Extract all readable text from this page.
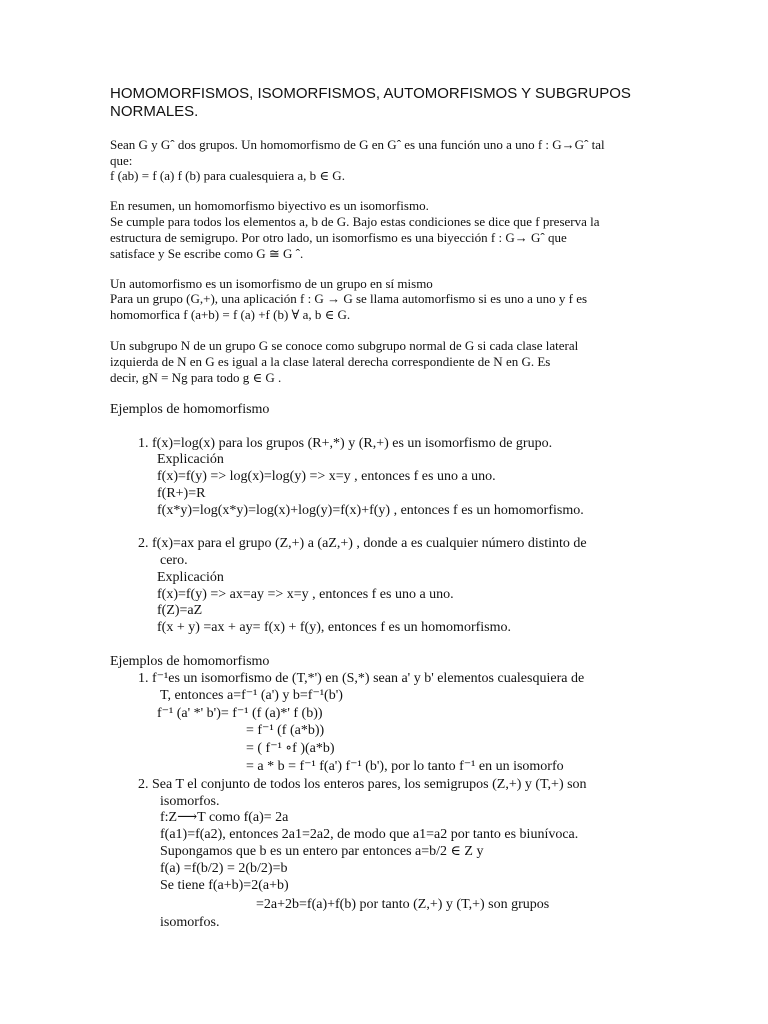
HOMOMORFISMOS, ISOMORFISMOS, AUTOMORFISMOS Y SUBGRUPOS
NORMALES.
Sean G y Gˆ dos grupos. Un homomorfismo de G en Gˆ es una función uno a uno f : G→Gˆ tal
que:
f (ab) = f (a) f (b) para cualesquiera a, b ∈ G.
En resumen, un homomorfismo biyectivo es un isomorfismo.
Se cumple para todos los elementos a, b de G. Bajo estas condiciones se dice que f preserva la
estructura de semigrupo. Por otro lado, un isomorfismo es una biyección f : G→ Gˆ que
satisface y Se escribe como G ≅ G ˆ.
Un automorfismo es un isomorfismo de un grupo en sí mismo
Para un grupo (G,+), una aplicación f : G → G se llama automorfismo si es uno a uno y f es
homomorfica f (a+b) = f (a) +f (b) ∀ a, b ∈ G.
Un subgrupo N de un grupo G se conoce como subgrupo normal de G si cada clase lateral
izquierda de N en G es igual a la clase lateral derecha correspondiente de N en G. Es
decir, gN = Ng para todo g ∈ G .
Ejemplos de homomorfismo
1. f(x)=log(x) para los grupos (R+,*) y (R,+) es un isomorfismo de grupo.
Explicación
f(x)=f(y) => log(x)=log(y) => x=y , entonces f es uno a uno.
f(R+)=R
f(x*y)=log(x*y)=log(x)+log(y)=f(x)+f(y) , entonces f es un homomorfismo.
2. f(x)=ax para el grupo (Z,+) a (aZ,+) , donde a es cualquier número distinto de
cero.
Explicación
f(x)=f(y) => ax=ay => x=y , entonces f es uno a uno.
f(Z)=aZ
f(x + y) =ax + ay= f(x) + f(y), entonces f es un homomorfismo.
Ejemplos de homomorfismo
1. f⁻¹es un isomorfismo de (T,*') en (S,*) sean a' y b' elementos cualesquiera de
T, entonces a=f⁻¹ (a') y b=f⁻¹(b')
f⁻¹ (a' *' b')= f⁻¹ (f (a)*' f (b))
= f⁻¹ (f (a*b))
= ( f⁻¹ ∘f )(a*b)
= a * b = f⁻¹ f(a') f⁻¹ (b'), por lo tanto f⁻¹ en un isomorfo
2. Sea T el conjunto de todos los enteros pares, los semigrupos (Z,+) y (T,+) son
isomorfos.
f:Z⟶T como f(a)= 2a
f(a1)=f(a2), entonces 2a1=2a2, de modo que a1=a2 por tanto es biunívoca.
Supongamos que b es un entero par entonces a=b/2 ∈ Z y
f(a) =f(b/2) = 2(b/2)=b
Se tiene f(a+b)=2(a+b)
=2a+2b=f(a)+f(b) por tanto (Z,+) y (T,+) son grupos
isomorfos.
